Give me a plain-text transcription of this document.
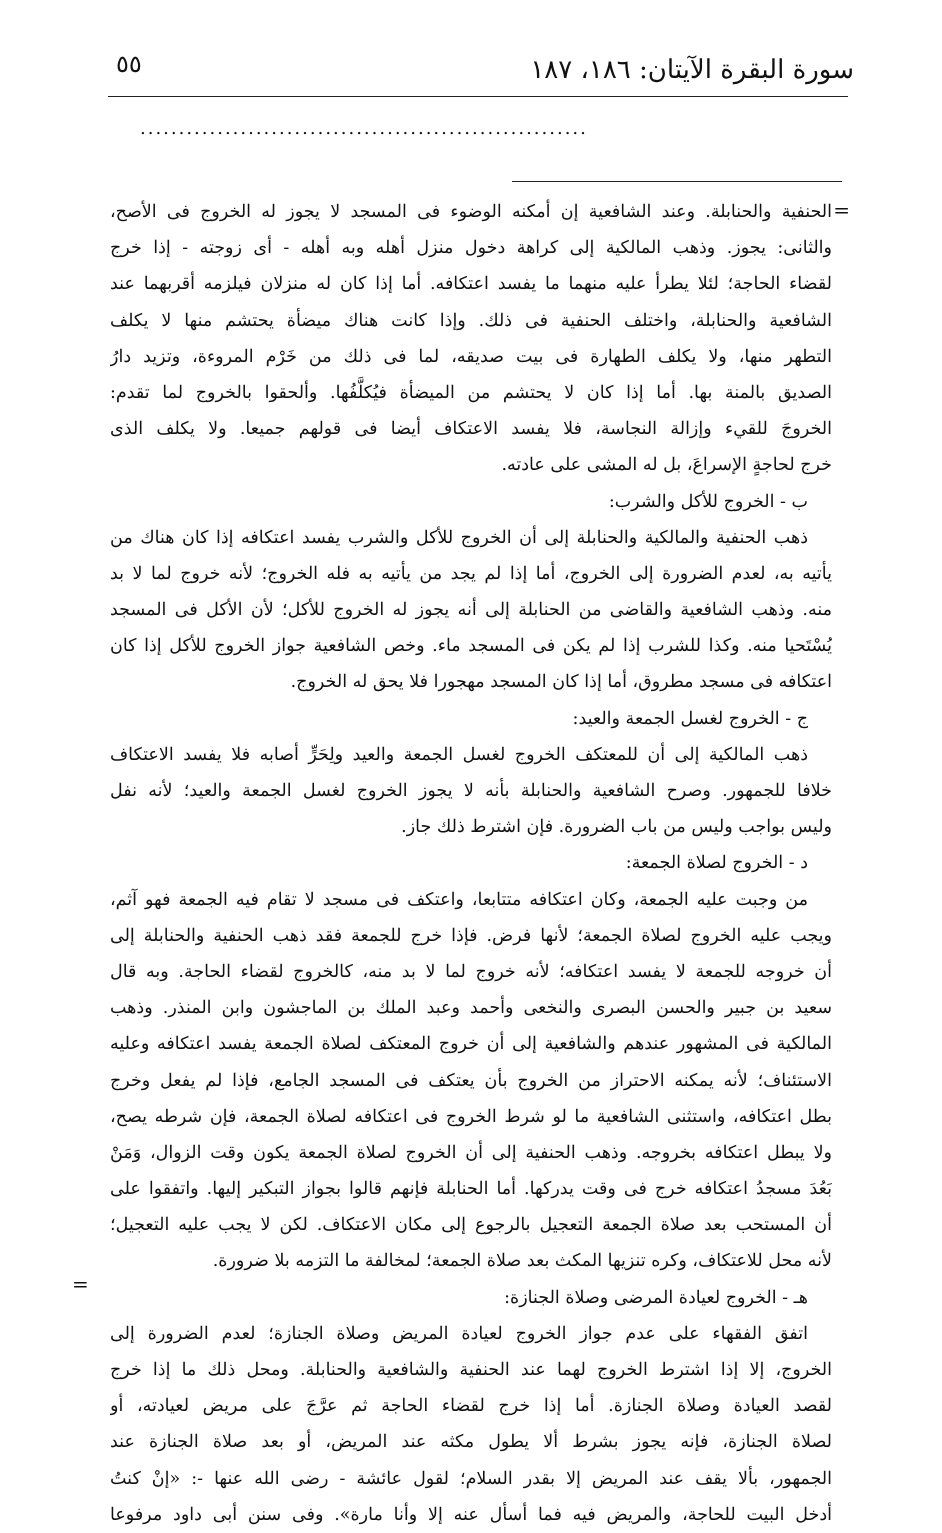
سورة البقرة الآيتان: ١٨٦، ١٨٧
٥٥
..........................................................
=
الحنفية والحنابلة. وعند الشافعية إن أمكنه الوضوء فى المسجد لا يجوز له الخروج فى الأصح،
والثانى: يجوز. وذهب المالكية إلى كراهة دخول منزل أهله وبه أهله - أى زوجته - إذا خرج
لقضاء الحاجة؛ لئلا يطرأ عليه منهما ما يفسد اعتكافه. أما إذا كان له منزلان فيلزمه أقربهما عند
الشافعية والحنابلة، واختلف الحنفية فى ذلك. وإذا كانت هناك ميضأة يحتشم منها لا يكلف
التطهر منها، ولا يكلف الطهارة فى بيت صديقه، لما فى ذلك من خَرْم المروءة، وتزيد دارُ
الصديق بالمنة بها. أما إذا كان لا يحتشم من الميضأة فيُكلَّفُها. وألحقوا بالخروج لما تقدم:
الخروجَ للقيء وإزالة النجاسة، فلا يفسد الاعتكاف أيضا فى قولهم جميعا. ولا يكلف الذى
خرج لحاجةٍ الإسراعَ، بل له المشى على عادته.
ب - الخروج للأكل والشرب:
ذهب الحنفية والمالكية والحنابلة إلى أن الخروج للأكل والشرب يفسد اعتكافه إذا كان هناك من
يأتيه به، لعدم الضرورة إلى الخروج، أما إذا لم يجد من يأتيه به فله الخروج؛ لأنه خروج لما لا بد
منه. وذهب الشافعية والقاضى من الحنابلة إلى أنه يجوز له الخروج للأكل؛ لأن الأكل فى المسجد
يُسْتَحيا منه. وكذا للشرب إذا لم يكن فى المسجد ماء. وخص الشافعية جواز الخروج للأكل إذا كان
اعتكافه فى مسجد مطروق، أما إذا كان المسجد مهجورا فلا يحق له الخروج.
ج - الخروج لغسل الجمعة والعيد:
ذهب المالكية إلى أن للمعتكف الخروج لغسل الجمعة والعيد ولِحَرٍّ أصابه فلا يفسد الاعتكاف
خلافا للجمهور. وصرح الشافعية والحنابلة بأنه لا يجوز الخروج لغسل الجمعة والعيد؛ لأنه نفل
وليس بواجب وليس من باب الضرورة. فإن اشترط ذلك جاز.
د - الخروج لصلاة الجمعة:
من وجبت عليه الجمعة، وكان اعتكافه متتابعا، واعتكف فى مسجد لا تقام فيه الجمعة فهو آثم،
ويجب عليه الخروج لصلاة الجمعة؛ لأنها فرض. فإذا خرج للجمعة فقد ذهب الحنفية والحنابلة إلى
أن خروجه للجمعة لا يفسد اعتكافه؛ لأنه خروج لما لا بد منه، كالخروج لقضاء الحاجة. وبه قال
سعيد بن جبير والحسن البصرى والنخعى وأحمد وعبد الملك بن الماجشون وابن المنذر. وذهب
المالكية فى المشهور عندهم والشافعية إلى أن خروج المعتكف لصلاة الجمعة يفسد اعتكافه وعليه
الاستئناف؛ لأنه يمكنه الاحتراز من الخروج بأن يعتكف فى المسجد الجامع، فإذا لم يفعل وخرج
بطل اعتكافه، واستثنى الشافعية ما لو شرط الخروج فى اعتكافه لصلاة الجمعة، فإن شرطه يصح،
ولا يبطل اعتكافه بخروجه. وذهب الحنفية إلى أن الخروج لصلاة الجمعة يكون وقت الزوال، وَمَنْ
بَعُدَ مسجدُ اعتكافه خرج فى وقت يدركها. أما الحنابلة فإنهم قالوا بجواز التبكير إليها. واتفقوا على
أن المستحب بعد صلاة الجمعة التعجيل بالرجوع إلى مكان الاعتكاف. لكن لا يجب عليه التعجيل؛
لأنه محل للاعتكاف، وكره تنزيها المكث بعد صلاة الجمعة؛ لمخالفة ما التزمه بلا ضرورة.
هـ - الخروج لعيادة المرضى وصلاة الجنازة:
اتفق الفقهاء على عدم جواز الخروج لعيادة المريض وصلاة الجنازة؛ لعدم الضرورة إلى
الخروج، إلا إذا اشترط الخروج لهما عند الحنفية والشافعية والحنابلة. ومحل ذلك ما إذا خرج
لقصد العيادة وصلاة الجنازة. أما إذا خرج لقضاء الحاجة ثم عرَّجَ على مريض لعيادته، أو
لصلاة الجنازة، فإنه يجوز بشرط ألا يطول مكثه عند المريض، أو بعد صلاة الجنازة عند
الجمهور، بألا يقف عند المريض إلا بقدر السلام؛ لقول عائشة - رضى الله عنها -: «إنْ كنتُ
أدخل البيت للحاجة، والمريض فيه فما أسأل عنه إلا وأنا مارة». وفى سنن أبى داود مرفوعا
=
